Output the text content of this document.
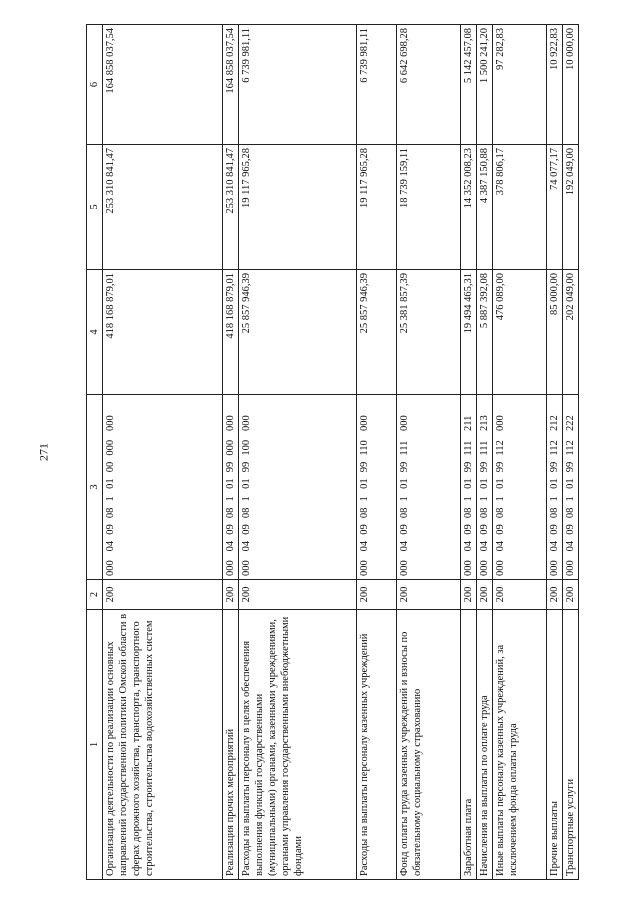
271
1	2	3	4	5	6
Организация деятельности по реализации основных направлений государственной политики Омской области в сферах дорожного хозяйства, транспорта, транспортного строительства, строительства водохозяйственных систем	200	000 04 09 08 1 01 00 000 000	418 168 879,01	253 310 841,47	164 858 037,54
Реализация прочих мероприятий	200	000 04 09 08 1 01 99 000 000	418 168 879,01	253 310 841,47	164 858 037,54
Расходы на выплаты персоналу в целях обеспечения выполнения функций государственными (муниципальными) органами, казенными учреждениями, органами управления государственными внебюджетными фондами	200	000 04 09 08 1 01 99 100 000	25 857 946,39	19 117 965,28	6 739 981,11
Расходы на выплаты персоналу казенных учреждений	200	000 04 09 08 1 01 99 110 000	25 857 946,39	19 117 965,28	6 739 981,11
Фонд оплаты труда казенных учреждений и взносы по обязательному социальному страхованию	200	000 04 09 08 1 01 99 111 000	25 381 857,39	18 739 159,11	6 642 698,28
Заработная плата	200	000 04 09 08 1 01 99 111 211	19 494 465,31	14 352 008,23	5 142 457,08
Начисления на выплаты по оплате труда	200	000 04 09 08 1 01 99 111 213	5 887 392,08	4 387 150,88	1 500 241,20
Иные выплаты персоналу казенных учреждений, за исключением фонда оплаты труда	200	000 04 09 08 1 01 99 112 000	476 089,00	378 806,17	97 282,83
Прочие выплаты	200	000 04 09 08 1 01 99 112 212	85 000,00	74 077,17	10 922,83
Транспортные услуги	200	000 04 09 08 1 01 99 112 222	202 049,00	192 049,00	10 000,00
